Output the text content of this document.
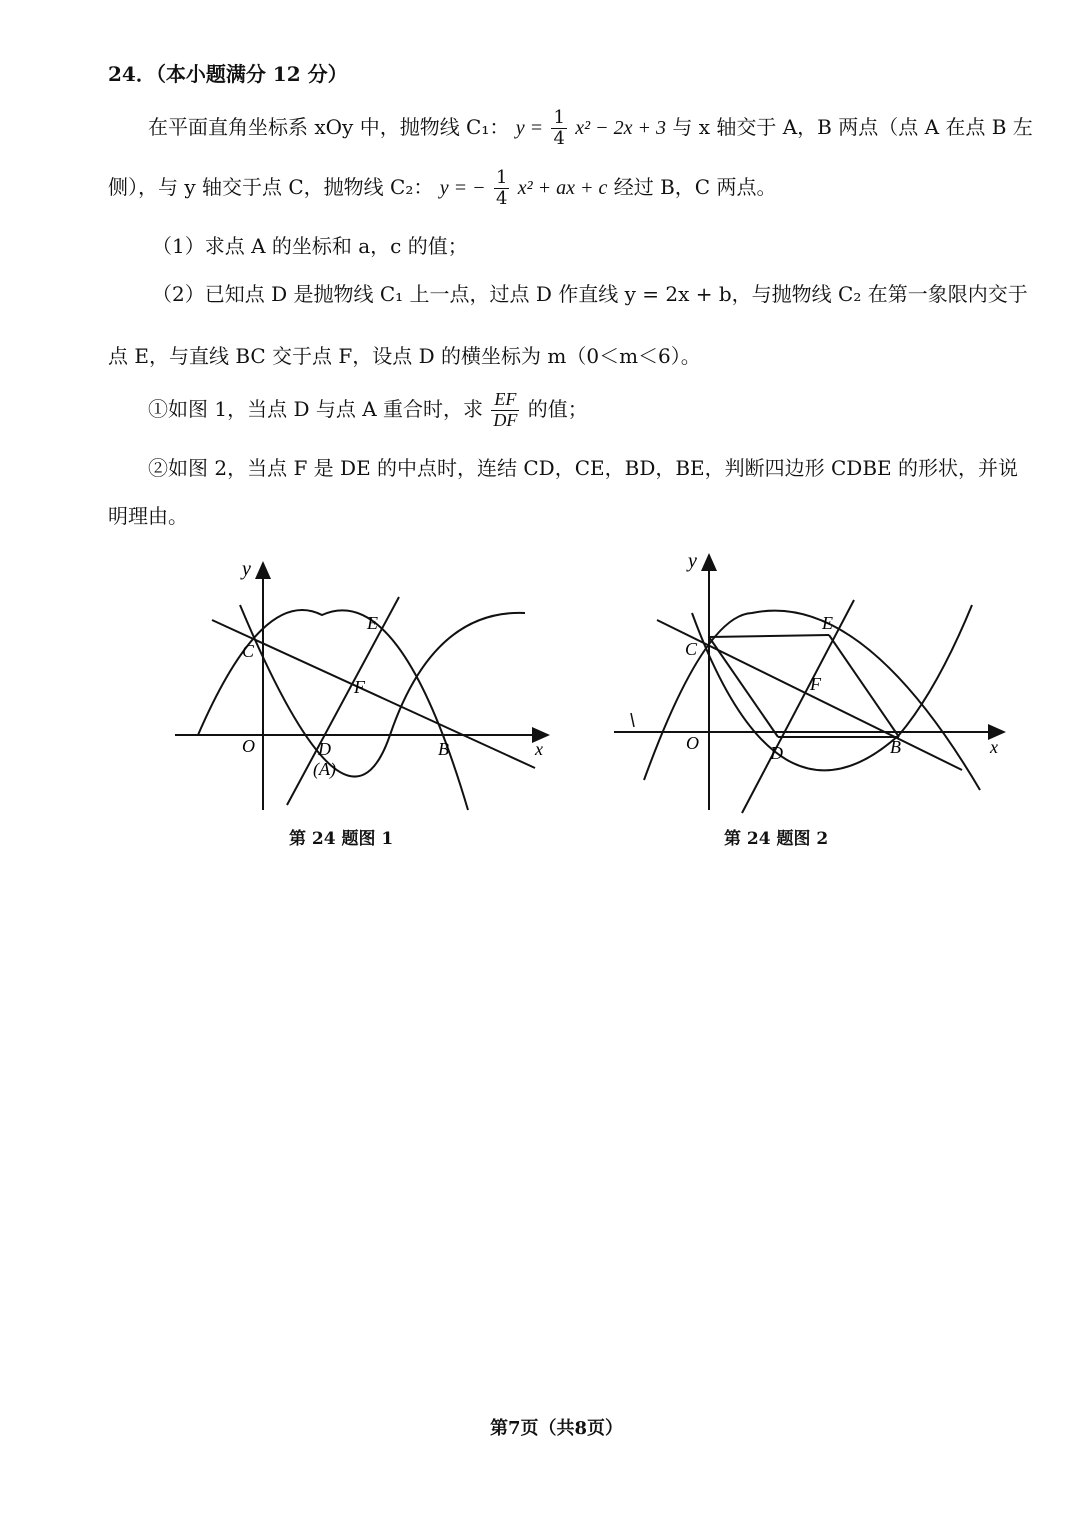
24．（本小题满分 12 分）
在平面直角坐标系 xOy 中，抛物线 C₁： $y = \frac{1}{4} x^2 - 2x + 3$ 与 x 轴交于 A，B 两点（点 A 在点 B 左
侧），与 y 轴交于点 C，抛物线 C₂： y = − $\frac{1}{4} x^2$ + ax + c 经过 B，C 两点。
（1）求点 A 的坐标和 a，c 的值；
（2）已知点 D 是抛物线 C₁ 上一点，过点 D 作直线 y = 2x + b，与抛物线 C₂ 在第一象限内交于
点 E，与直线 BC 交于点 F，设点 D 的横坐标为 m（0＜m＜6）。
①如图 1，当点 D 与点 A 重合时，求 $\frac{EF}{DF}$ 的值；
②如图 2，当点 F 是 DE 的中点时，连结 CD，CE，BD，BE，判断四边形 CDBE 的形状，并说
明理由。
y
x
O
C
E
F
D
(A)
B
第 24 题图 1
y
x
O
C
E
F
D	B
第 24 题图 2
第7页（共8页）
